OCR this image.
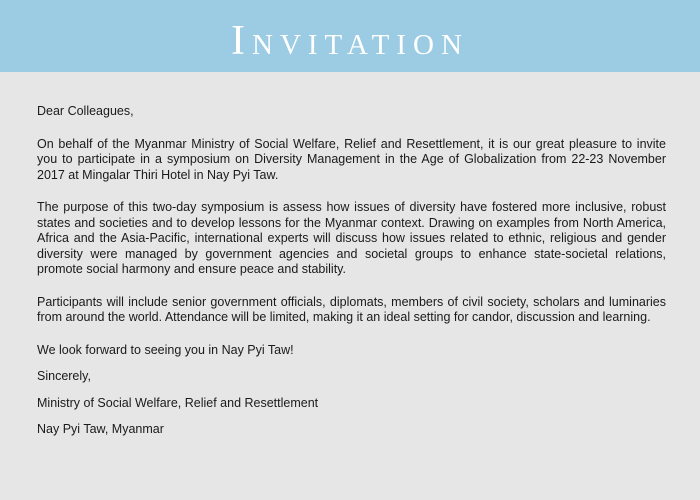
Invitation

Dear Colleagues,

On behalf of the Myanmar Ministry of Social Welfare, Relief and Resettlement, it is our great pleasure to invite you to participate in a symposium on Diversity Management in the Age of Globalization from 22-23 November 2017 at Mingalar Thiri Hotel in Nay Pyi Taw.

The purpose of this two-day symposium is assess how issues of diversity have fostered more inclusive, robust states and societies and to develop lessons for the Myanmar context. Drawing on examples from North America, Africa and the Asia-Pacific, international experts will discuss how issues related to ethnic, religious and gender diversity were managed by government agencies and societal groups to enhance state-societal relations, promote social harmony and ensure peace and stability.

Participants will include senior government officials, diplomats, members of civil society, scholars and luminaries from around the world. Attendance will be limited, making it an ideal setting for candor, discussion and learning.

We look forward to seeing you in Nay Pyi Taw!

Sincerely,

Ministry of Social Welfare, Relief and Resettlement

Nay Pyi Taw, Myanmar
